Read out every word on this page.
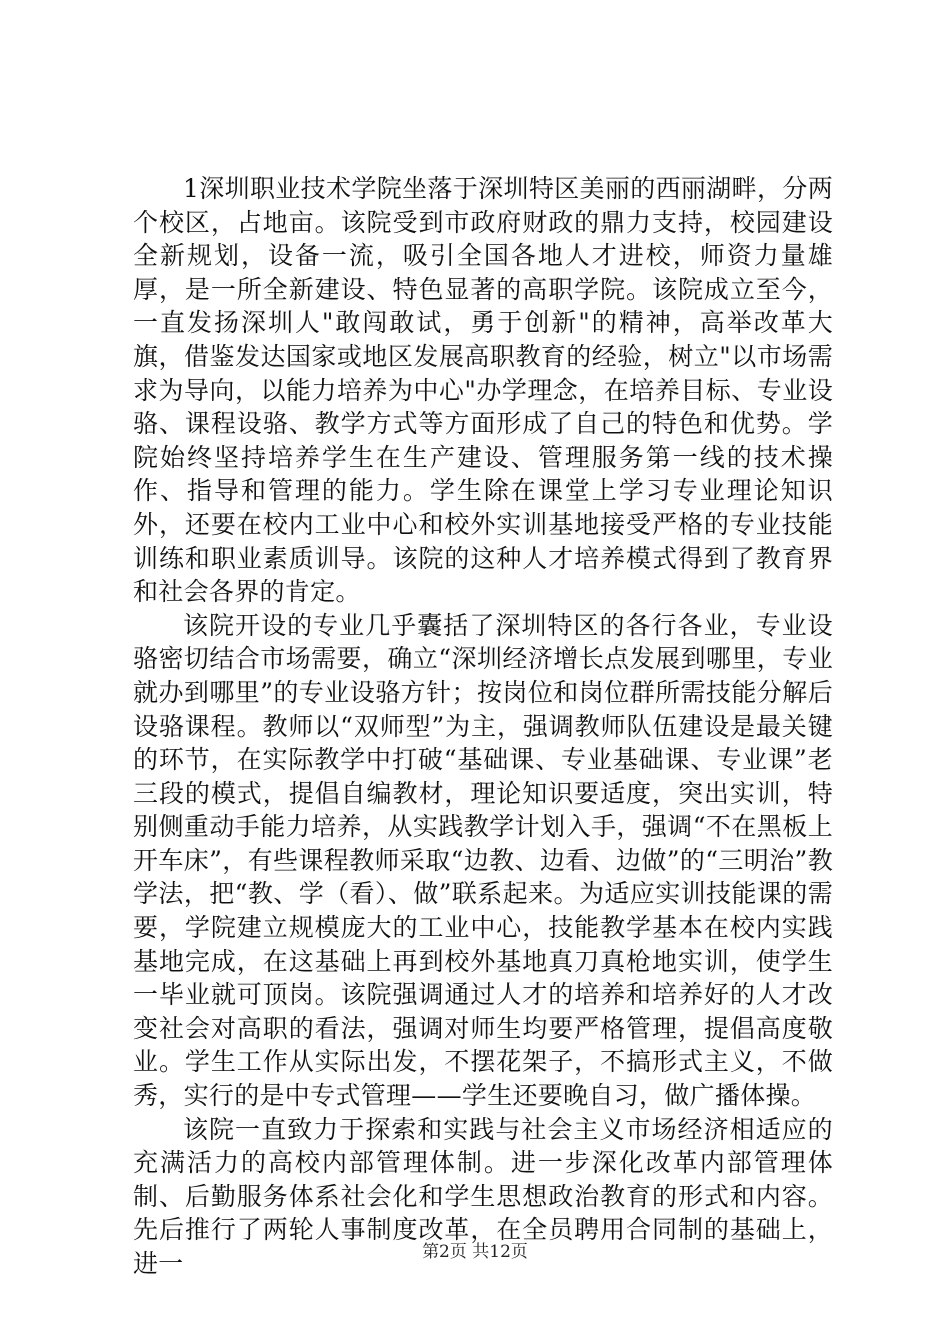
1深圳职业技术学院坐落于深圳特区美丽的西丽湖畔，分两个校区，占地亩。该院受到市政府财政的鼎力支持，校园建设全新规划，设备一流，吸引全国各地人才进校，师资力量雄厚，是一所全新建设、特色显著的高职学院。该院成立至今，一直发扬深圳人"敢闯敢试，勇于创新"的精神，高举改革大旗，借鉴发达国家或地区发展高职教育的经验，树立"以市场需求为导向，以能力培养为中心"办学理念，在培养目标、专业设骆、课程设骆、教学方式等方面形成了自己的特色和优势。学院始终坚持培养学生在生产建设、管理服务第一线的技术操作、指导和管理的能力。学生除在课堂上学习专业理论知识外，还要在校内工业中心和校外实训基地接受严格的专业技能训练和职业素质训导。该院的这种人才培养模式得到了教育界和社会各界的肯定。

该院开设的专业几乎囊括了深圳特区的各行各业，专业设骆密切结合市场需要，确立“深圳经济增长点发展到哪里，专业就办到哪里”的专业设骆方针；按岗位和岗位群所需技能分解后设骆课程。教师以“双师型”为主，强调教师队伍建设是最关键的环节，在实际教学中打破“基础课、专业基础课、专业课”老三段的模式，提倡自编教材，理论知识要适度，突出实训，特别侧重动手能力培养，从实践教学计划入手，强调“不在黑板上开车床”，有些课程教师采取“边教、边看、边做”的“三明治”教学法，把“教、学（看）、做”联系起来。为适应实训技能课的需要，学院建立规模庞大的工业中心，技能教学基本在校内实践基地完成，在这基础上再到校外基地真刀真枪地实训，使学生一毕业就可顶岗。该院强调通过人才的培养和培养好的人才改变社会对高职的看法，强调对师生均要严格管理，提倡高度敬业。学生工作从实际出发，不摆花架子，不搞形式主义，不做秀，实行的是中专式管理——学生还要晚自习，做广播体操。

该院一直致力于探索和实践与社会主义市场经济相适应的充满活力的高校内部管理体制。进一步深化改革内部管理体制、后勤服务体系社会化和学生思想政治教育的形式和内容。先后推行了两轮人事制度改革，在全员聘用合同制的基础上，进一	第2页 共12页
